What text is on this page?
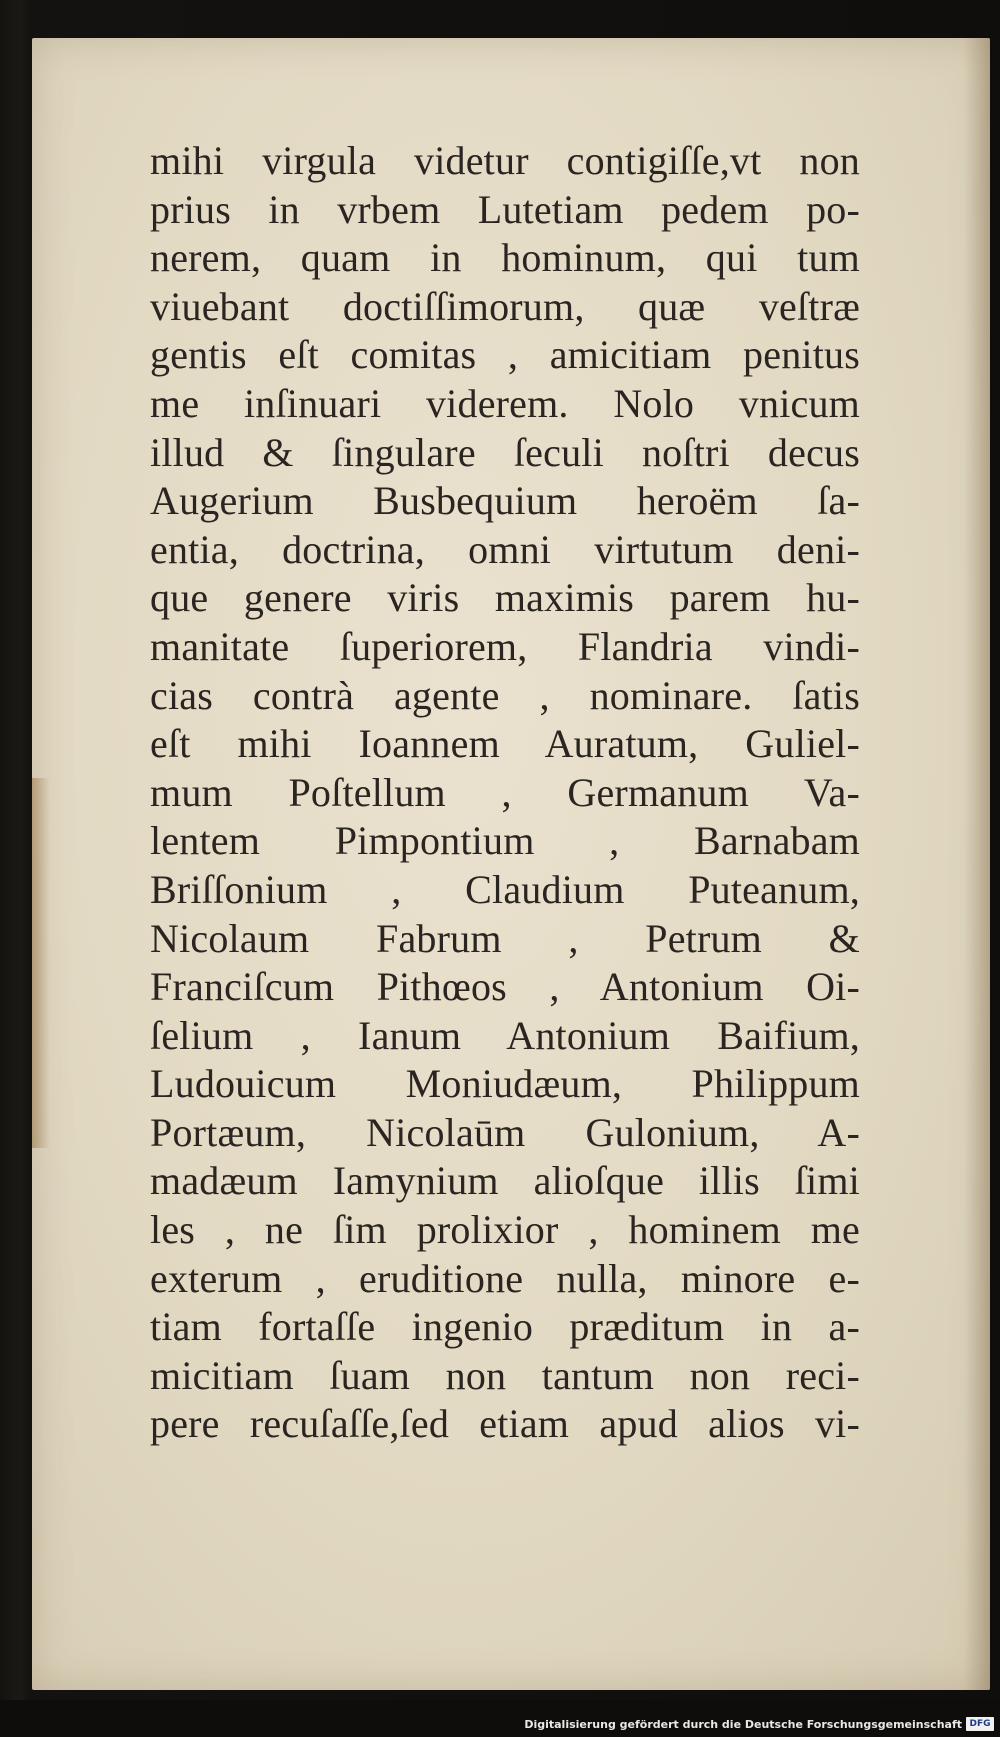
mihi virgula videtur contigiſſe,vt non
prius in vrbem Lutetiam pedem po-
nerem, quam in hominum, qui tum
viuebant doctiſſimorum, quæ veſtræ
gentis eſt comitas , amicitiam penitus
me inſinuari viderem. Nolo vnicum
illud & ſingulare ſeculi noſtri decus
Augerium Busbequium heroëm ſa-
entia, doctrina, omni virtutum deni-
que genere viris maximis parem hu-
manitate ſuperiorem, Flandria vindi-
cias contrà agente , nominare. ſatis
eſt mihi Ioannem Auratum, Guliel-
mum Poſtellum , Germanum Va-
lentem Pimpontium , Barnabam
Briſſonium , Claudium Puteanum,
Nicolaum Fabrum , Petrum &
Franciſcum Pithœos , Antonium Oi-
ſelium , Ianum Antonium Baifium,
Ludouicum Moniudæum, Philippum
Portæum, Nicolaūm Gulonium, A-
madæum Iamynium alioſque illis ſimi
les , ne ſim prolixior , hominem me
exterum , eruditione nulla, minore e-
tiam fortaſſe ingenio præditum in a-
micitiam ſuam non tantum non reci-
pere recuſaſſe,ſed etiam apud alios vi-
Digitalisierung gefördert durch die Deutsche Forschungsgemeinschaft DFG
